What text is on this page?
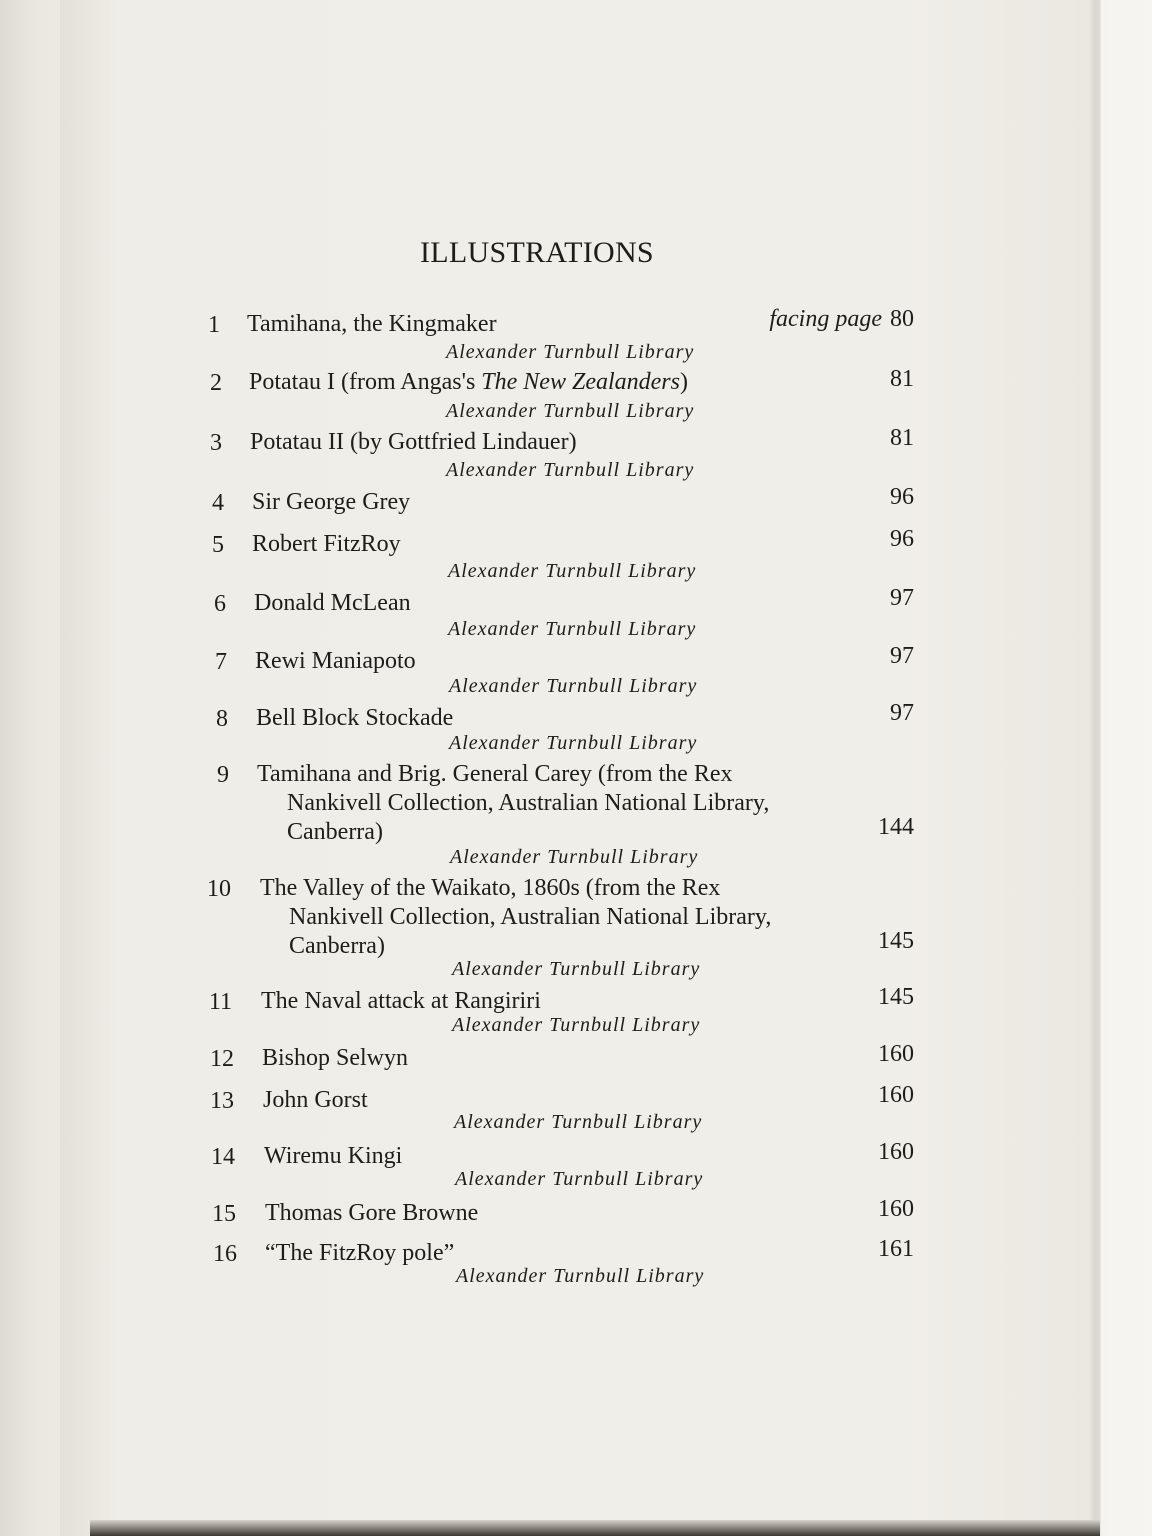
ILLUSTRATIONS
1 Tamihana, the Kingmaker	facing page 80
Alexander Turnbull Library
2 Potatau I (from Angas's The New Zealanders)	81
Alexander Turnbull Library
3 Potatau II (by Gottfried Lindauer)	81
Alexander Turnbull Library
4 Sir George Grey	96
5 Robert FitzRoy	96
Alexander Turnbull Library
6 Donald McLean	97
Alexander Turnbull Library
7 Rewi Maniapoto	97
Alexander Turnbull Library
8 Bell Block Stockade	97
Alexander Turnbull Library
9 Tamihana and Brig. General Carey (from the Rex
Nankivell Collection, Australian National Library,
Canberra)	144
Alexander Turnbull Library
10 The Valley of the Waikato, 1860s (from the Rex
Nankivell Collection, Australian National Library,
Canberra)	145
Alexander Turnbull Library
11 The Naval attack at Rangiriri	145
Alexander Turnbull Library
12 Bishop Selwyn	160
13 John Gorst	160
Alexander Turnbull Library
14 Wiremu Kingi	160
Alexander Turnbull Library
15 Thomas Gore Browne	160
16 “The FitzRoy pole”	161
Alexander Turnbull Library
